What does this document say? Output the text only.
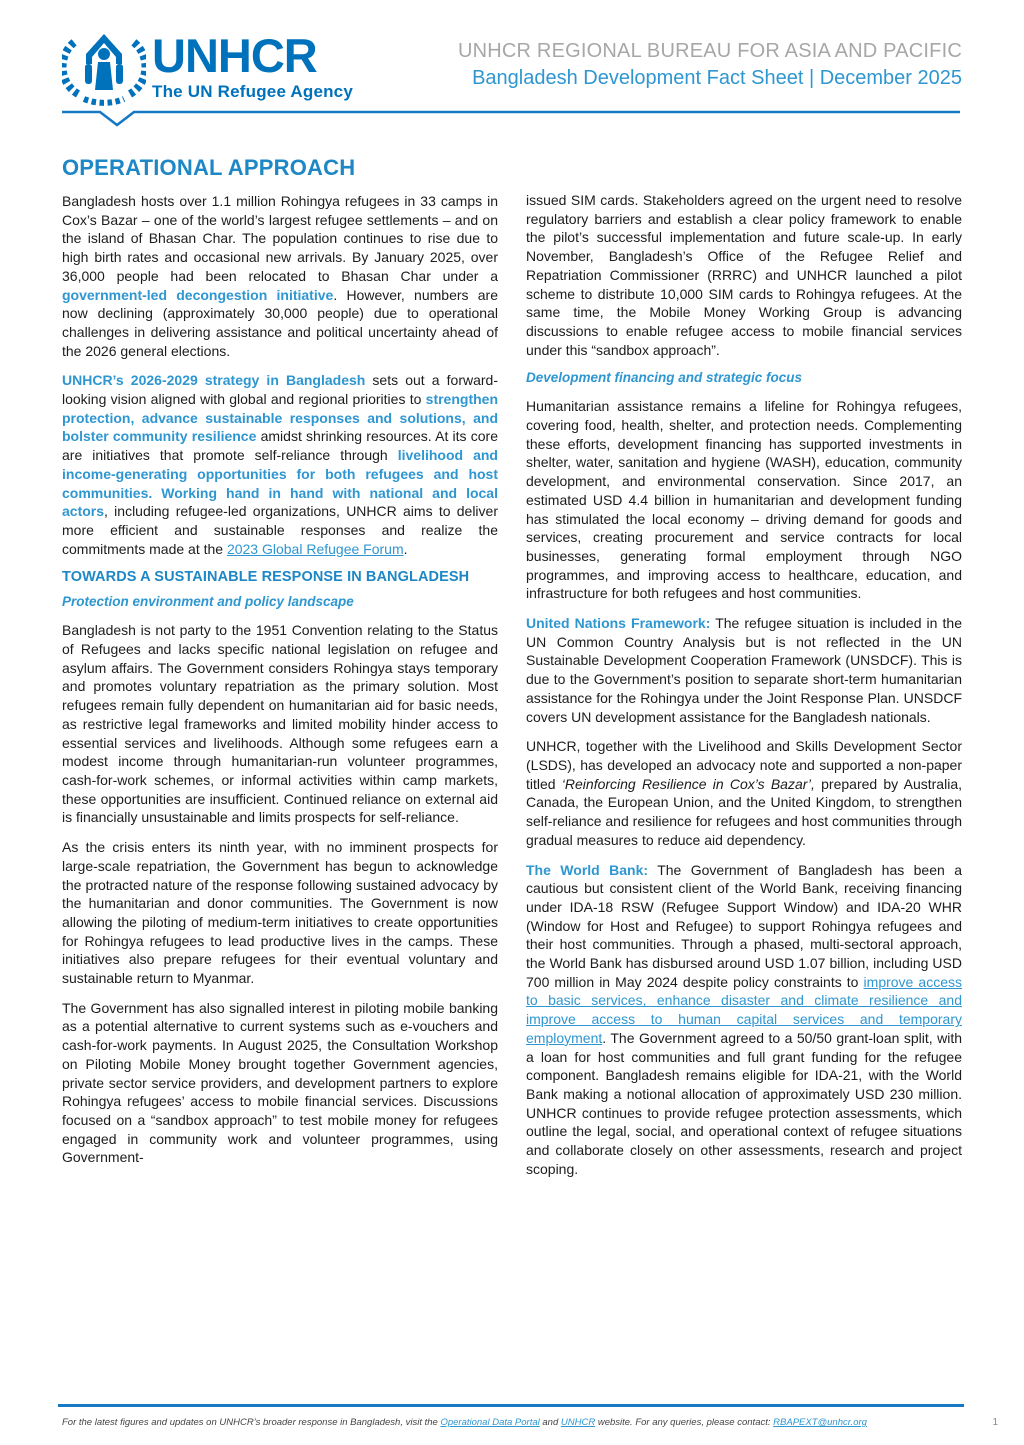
UNHCR
The UN Refugee Agency
UNHCR REGIONAL BUREAU FOR ASIA AND PACIFIC
Bangladesh Development Fact Sheet | December 2025
OPERATIONAL APPROACH

Bangladesh hosts over 1.1 million Rohingya refugees in 33 camps in Cox’s Bazar – one of the world’s largest refugee settlements – and on the island of Bhasan Char. The population continues to rise due to high birth rates and occasional new arrivals. By January 2025, over 36,000 people had been relocated to Bhasan Char under a government-led decongestion initiative. However, numbers are now declining (approximately 30,000 people) due to operational challenges in delivering assistance and political uncertainty ahead of the 2026 general elections.

UNHCR’s 2026-2029 strategy in Bangladesh sets out a forward-looking vision aligned with global and regional priorities to strengthen protection, advance sustainable responses and solutions, and bolster community resilience amidst shrinking resources. At its core are initiatives that promote self-reliance through livelihood and income-generating opportunities for both refugees and host communities. Working hand in hand with national and local actors, including refugee-led organizations, UNHCR aims to deliver more efficient and sustainable responses and realize the commitments made at the 2023 Global Refugee Forum.

TOWARDS A SUSTAINABLE RESPONSE IN BANGLADESH
Protection environment and policy landscape

Bangladesh is not party to the 1951 Convention relating to the Status of Refugees and lacks specific national legislation on refugee and asylum affairs. The Government considers Rohingya stays temporary and promotes voluntary repatriation as the primary solution. Most refugees remain fully dependent on humanitarian aid for basic needs, as restrictive legal frameworks and limited mobility hinder access to essential services and livelihoods. Although some refugees earn a modest income through humanitarian-run volunteer programmes, cash-for-work schemes, or informal activities within camp markets, these opportunities are insufficient. Continued reliance on external aid is financially unsustainable and limits prospects for self-reliance.

As the crisis enters its ninth year, with no imminent prospects for large-scale repatriation, the Government has begun to acknowledge the protracted nature of the response following sustained advocacy by the humanitarian and donor communities. The Government is now allowing the piloting of medium-term initiatives to create opportunities for Rohingya refugees to lead productive lives in the camps. These initiatives also prepare refugees for their eventual voluntary and sustainable return to Myanmar.

The Government has also signalled interest in piloting mobile banking as a potential alternative to current systems such as e-vouchers and cash-for-work payments. In August 2025, the Consultation Workshop on Piloting Mobile Money brought together Government agencies, private sector service providers, and development partners to explore Rohingya refugees’ access to mobile financial services. Discussions focused on a “sandbox approach” to test mobile money for refugees engaged in community work and volunteer programmes, using Government-

issued SIM cards. Stakeholders agreed on the urgent need to resolve regulatory barriers and establish a clear policy framework to enable the pilot’s successful implementation and future scale-up. In early November, Bangladesh’s Office of the Refugee Relief and Repatriation Commissioner (RRRC) and UNHCR launched a pilot scheme to distribute 10,000 SIM cards to Rohingya refugees. At the same time, the Mobile Money Working Group is advancing discussions to enable refugee access to mobile financial services under this “sandbox approach”.

Development financing and strategic focus

Humanitarian assistance remains a lifeline for Rohingya refugees, covering food, health, shelter, and protection needs. Complementing these efforts, development financing has supported investments in shelter, water, sanitation and hygiene (WASH), education, community development, and environmental conservation. Since 2017, an estimated USD 4.4 billion in humanitarian and development funding has stimulated the local economy – driving demand for goods and services, creating procurement and service contracts for local businesses, generating formal employment through NGO programmes, and improving access to healthcare, education, and infrastructure for both refugees and host communities.

United Nations Framework: The refugee situation is included in the UN Common Country Analysis but is not reflected in the UN Sustainable Development Cooperation Framework (UNSDCF). This is due to the Government’s position to separate short-term humanitarian assistance for the Rohingya under the Joint Response Plan. UNSDCF covers UN development assistance for the Bangladesh nationals.

UNHCR, together with the Livelihood and Skills Development Sector (LSDS), has developed an advocacy note and supported a non-paper titled ‘Reinforcing Resilience in Cox’s Bazar’, prepared by Australia, Canada, the European Union, and the United Kingdom, to strengthen self-reliance and resilience for refugees and host communities through gradual measures to reduce aid dependency.

The World Bank: The Government of Bangladesh has been a cautious but consistent client of the World Bank, receiving financing under IDA-18 RSW (Refugee Support Window) and IDA-20 WHR (Window for Host and Refugee) to support Rohingya refugees and their host communities. Through a phased, multi-sectoral approach, the World Bank has disbursed around USD 1.07 billion, including USD 700 million in May 2024 despite policy constraints to improve access to basic services, enhance disaster and climate resilience and improve access to human capital services and temporary employment. The Government agreed to a 50/50 grant-loan split, with a loan for host communities and full grant funding for the refugee component. Bangladesh remains eligible for IDA-21, with the World Bank making a notional allocation of approximately USD 230 million. UNHCR continues to provide refugee protection assessments, which outline the legal, social, and operational context of refugee situations and collaborate closely on other assessments, research and project scoping.

For the latest figures and updates on UNHCR’s broader response in Bangladesh, visit the Operational Data Portal and UNHCR website. For any queries, please contact: RBAPEXT@unhcr.org	1
